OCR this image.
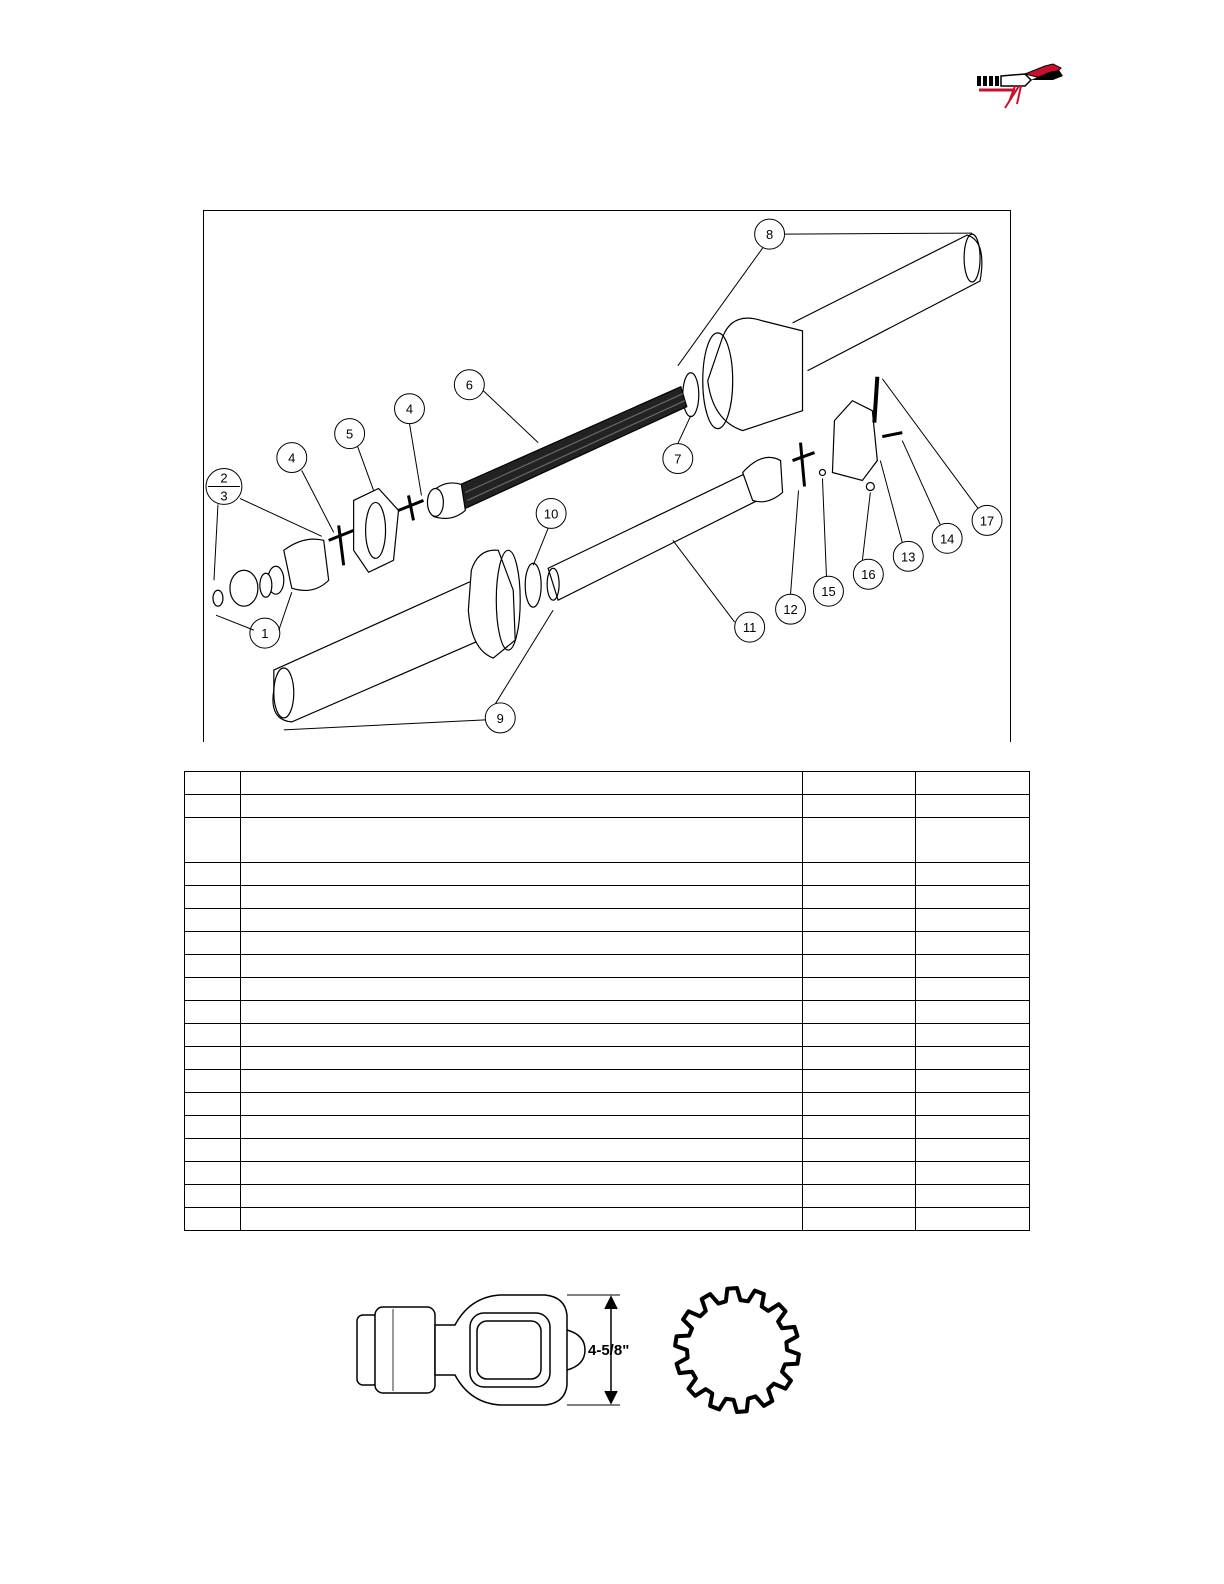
8
6
4
5
4
2
3
7
10
1
9
11
12
15
16
13
14
17

4-5/8"
